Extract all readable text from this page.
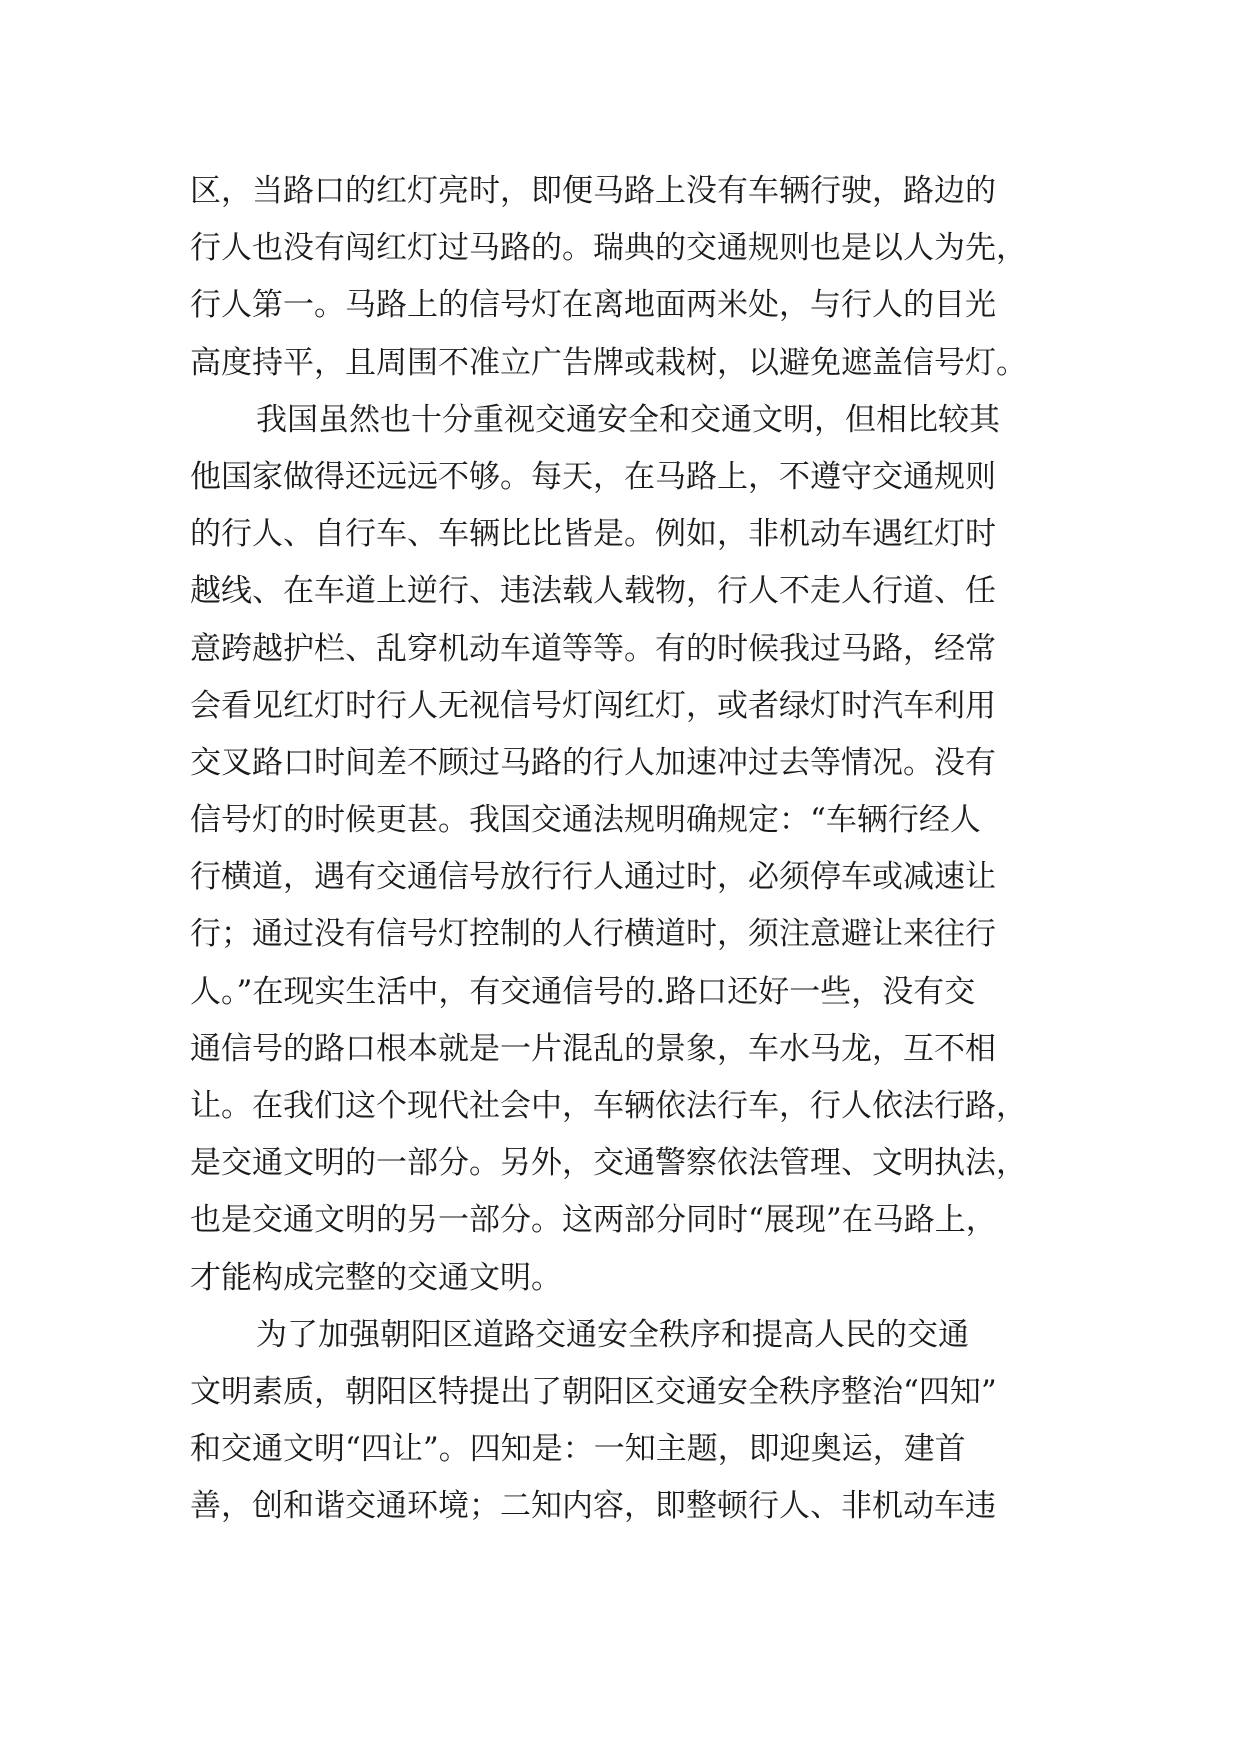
区，当路口的红灯亮时，即便马路上没有车辆行驶，路边的
行人也没有闯红灯过马路的。瑞典的交通规则也是以人为先，
行人第一。马路上的信号灯在离地面两米处，与行人的目光
高度持平，且周围不准立广告牌或栽树，以避免遮盖信号灯。
我国虽然也十分重视交通安全和交通文明，但相比较其
他国家做得还远远不够。每天，在马路上，不遵守交通规则
的行人、自行车、车辆比比皆是。例如，非机动车遇红灯时
越线、在车道上逆行、违法载人载物，行人不走人行道、任
意跨越护栏、乱穿机动车道等等。有的时候我过马路，经常
会看见红灯时行人无视信号灯闯红灯，或者绿灯时汽车利用
交叉路口时间差不顾过马路的行人加速冲过去等情况。没有
信号灯的时候更甚。我国交通法规明确规定：“车辆行经人
行横道，遇有交通信号放行行人通过时，必须停车或减速让
行；通过没有信号灯控制的人行横道时，须注意避让来往行
人。”在现实生活中，有交通信号的.路口还好一些，没有交
通信号的路口根本就是一片混乱的景象，车水马龙，互不相
让。在我们这个现代社会中，车辆依法行车，行人依法行路，
是交通文明的一部分。另外，交通警察依法管理、文明执法，
也是交通文明的另一部分。这两部分同时“展现”在马路上，
才能构成完整的交通文明。
为了加强朝阳区道路交通安全秩序和提高人民的交通
文明素质，朝阳区特提出了朝阳区交通安全秩序整治“四知”
和交通文明“四让”。四知是：一知主题，即迎奥运，建首
善，创和谐交通环境；二知内容，即整顿行人、非机动车违
